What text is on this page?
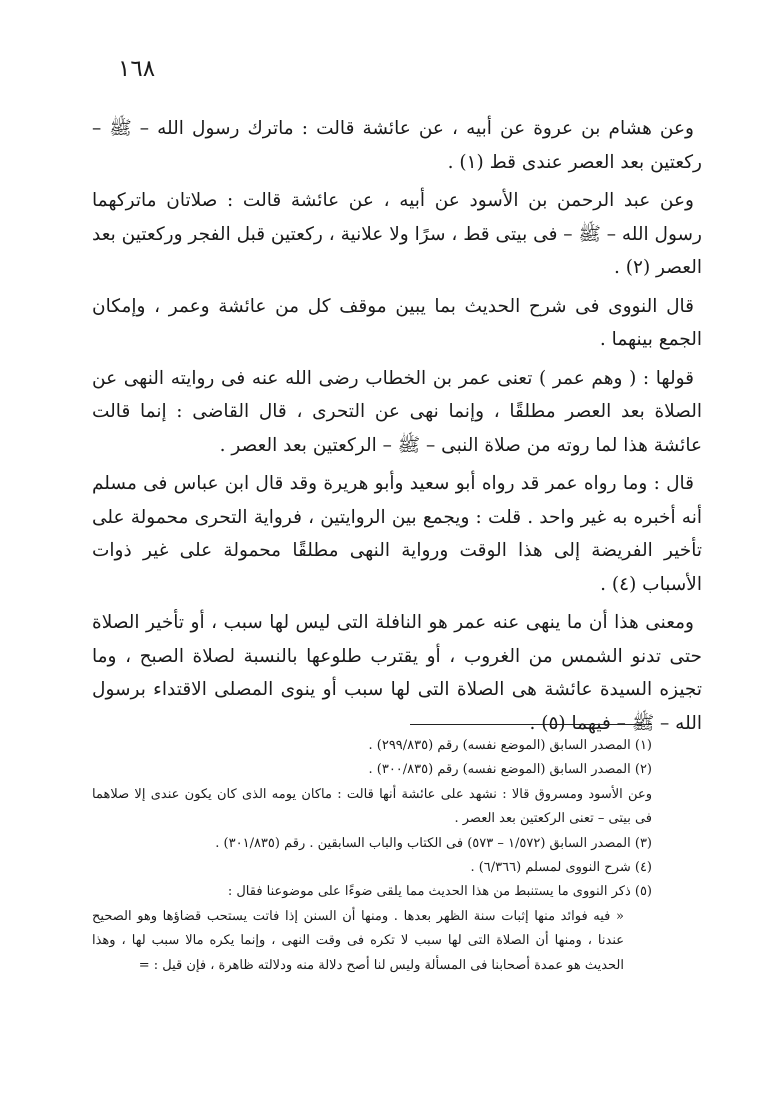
١٦٨

وعن هشام بن عروة عن أبيه ، عن عائشة قالت : ماترك رسول الله – ﷺ – ركعتين بعد العصر عندى قط (١) .

وعن عبد الرحمن بن الأسود عن أبيه ، عن عائشة قالت : صلاتان ماتركهما رسول الله – ﷺ – فى بيتى قط ، سرًا ولا علانية ، ركعتين قبل الفجر وركعتين بعد العصر (٢) .

قال النووى فى شرح الحديث بما يبين موقف كل من عائشة وعمر ، وإمكان الجمع بينهما .

قولها : ( وهم عمر ) تعنى عمر بن الخطاب رضى الله عنه فى روايته النهى عن الصلاة بعد العصر مطلقًا ، وإنما نهى عن التحرى ، قال القاضى : إنما قالت عائشة هذا لما روته من صلاة النبى – ﷺ – الركعتين بعد العصر .

قال : وما رواه عمر قد رواه أبو سعيد وأبو هريرة وقد قال ابن عباس فى مسلم أنه أخبره به غير واحد . قلت : ويجمع بين الروايتين ، فرواية التحرى محمولة على تأخير الفريضة إلى هذا الوقت ورواية النهى مطلقًا محمولة على غير ذوات الأسباب (٤) .

ومعنى هذا أن ما ينهى عنه عمر هو النافلة التى ليس لها سبب ، أو تأخير الصلاة حتى تدنو الشمس من الغروب ، أو يقترب طلوعها بالنسبة لصلاة الصبح ، وما تجيزه السيدة عائشة هى الصلاة التى لها سبب أو ينوى المصلى الاقتداء برسول الله – ﷺ – فيهما (٥) .

(١) المصدر السابق (الموضع نفسه) رقم (٢٩٩/٨٣٥) .

(٢) المصدر السابق (الموضع نفسه) رقم (٣٠٠/٨٣٥) .

وعن الأسود ومسروق قالا : نشهد على عائشة أنها قالت : ماكان يومه الذى كان يكون عندى إلا صلاهما فى بيتى – تعنى الركعتين بعد العصر .

(٣) المصدر السابق (١/٥٧٢ – ٥٧٣) فى الكتاب والباب السابقين . رقم (٣٠١/٨٣٥) .

(٤) شرح النووى لمسلم (٦/٣٦٦) .

(٥) ذكر النووى ما يستنبط من هذا الحديث مما يلقى ضوءًا على موضوعنا فقال :

« فيه فوائد منها إثبات سنة الظهر بعدها . ومنها أن السنن إذا فاتت يستحب قضاؤها وهو الصحيح عندنا ، ومنها أن الصلاة التى لها سبب لا تكره فى وقت النهى ، وإنما يكره مالا سبب لها ، وهذا الحديث هو عمدة أصحابنا فى المسألة وليس لنا أصح دلالة منه ودلالته ظاهرة ، فإن قيل : =
